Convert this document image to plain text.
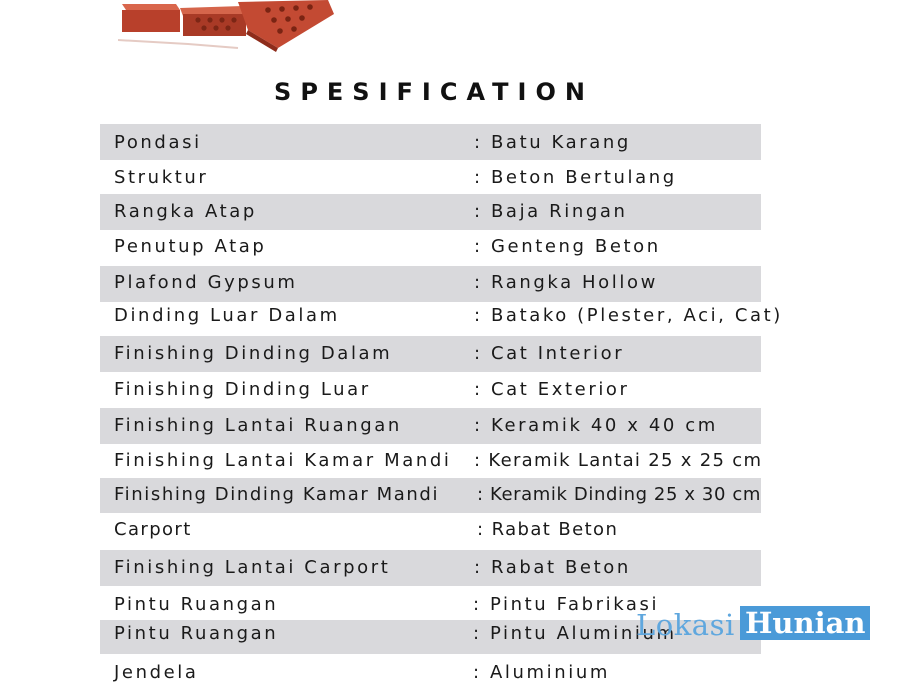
SPESIFICATION
Pondasi	: Batu Karang
Struktur	: Beton Bertulang
Rangka Atap	: Baja Ringan
Penutup Atap	: Genteng Beton
Plafond Gypsum	: Rangka Hollow
Dinding Luar Dalam	: Batako (Plester, Aci, Cat)
Finishing Dinding Dalam	: Cat Interior
Finishing Dinding Luar	: Cat Exterior
Finishing Lantai Ruangan	: Keramik 40 x 40 cm
Finishing Lantai Kamar Mandi : Keramik Lantai 25 x 25 cm
Finishing Dinding Kamar Mandi : Keramik Dinding 25 x 30 cm
Carport	: Rabat Beton
Finishing Lantai Carport	: Rabat Beton
Pintu Ruangan	: Pintu Fabrikasi
Pintu Ruangan	: Pintu Aluminium
Jendela	: Aluminium
Lokasi Hunian
